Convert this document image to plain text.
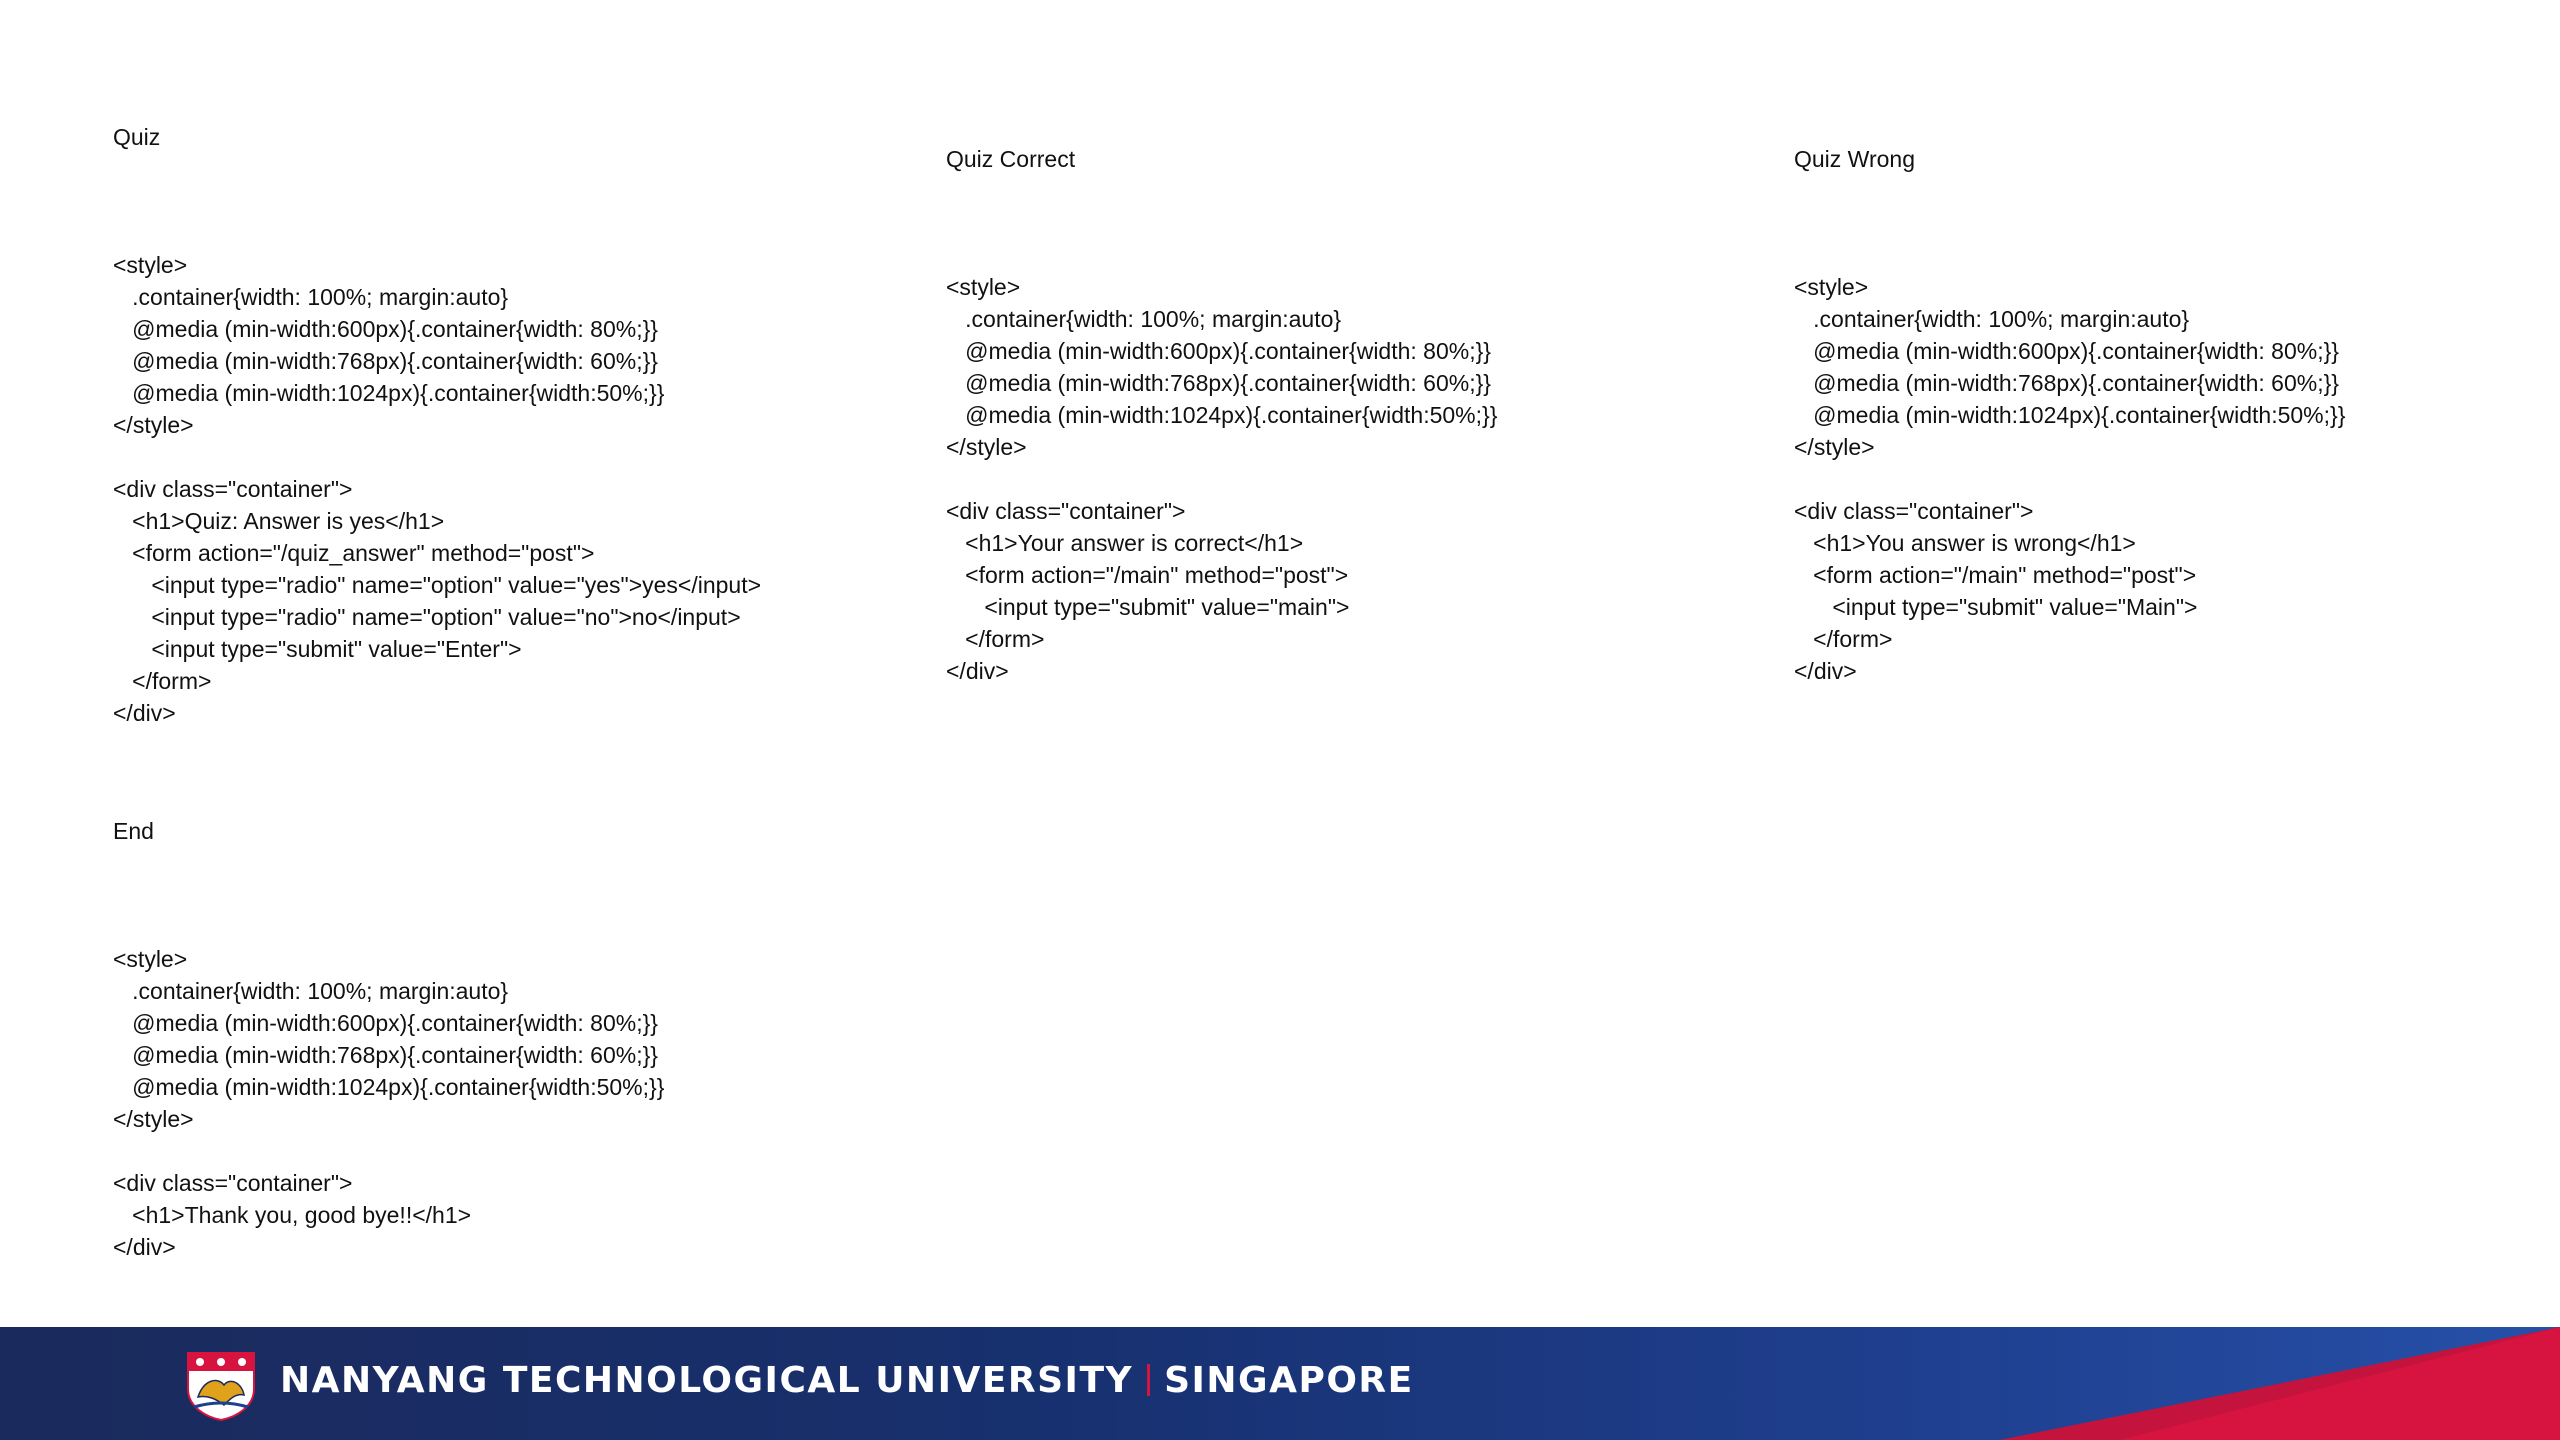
Quiz

<style>
.container{width: 100%; margin:auto}
@media (min-width:600px){.container{width: 80%;}}
@media (min-width:768px){.container{width: 60%;}}
@media (min-width:1024px){.container{width:50%;}}
</style>
<div class="container">
<h1>Quiz: Answer is yes</h1>
<form action="/quiz_answer" method="post">
<input type="radio" name="option" value="yes">yes</input>
<input type="radio" name="option" value="no">no</input>
<input type="submit" value="Enter">
</form>
</div>

Quiz Correct

<style>
.container{width: 100%; margin:auto}
@media (min-width:600px){.container{width: 80%;}}
@media (min-width:768px){.container{width: 60%;}}
@media (min-width:1024px){.container{width:50%;}}
</style>
<div class="container">
<h1>Your answer is correct</h1>
<form action="/main" method="post">
<input type="submit" value="main">
</form>
</div>

Quiz Wrong

<style>
.container{width: 100%; margin:auto}
@media (min-width:600px){.container{width: 80%;}}
@media (min-width:768px){.container{width: 60%;}}
@media (min-width:1024px){.container{width:50%;}}
</style>
<div class="container">
<h1>You answer is wrong</h1>
<form action="/main" method="post">
<input type="submit" value="Main">
</form>
</div>

End

<style>
.container{width: 100%; margin:auto}
@media (min-width:600px){.container{width: 80%;}}
@media (min-width:768px){.container{width: 60%;}}
@media (min-width:1024px){.container{width:50%;}}
</style>
<div class="container">
<h1>Thank you, good bye!!</h1>
</div>

NANYANG TECHNOLOGICAL UNIVERSITY SINGAPORE
